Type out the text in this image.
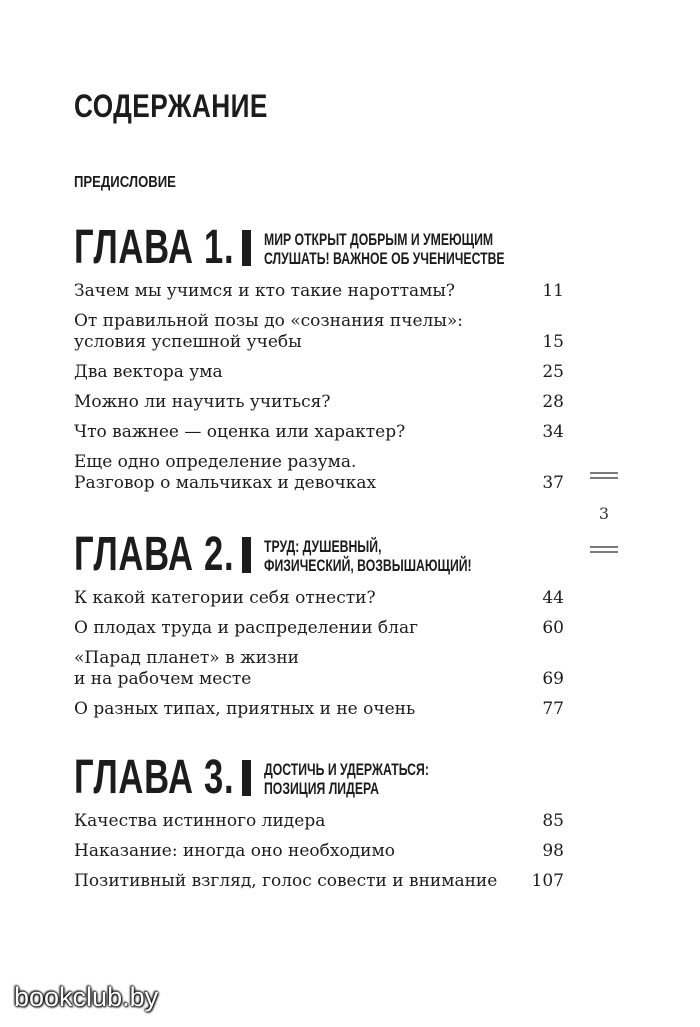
СОДЕРЖАНИЕ
ПРЕДИСЛОВИЕ
ГЛАВА 1. МИР ОТКРЫТ ДОБРЫМ И УМЕЮЩИМ
СЛУШАТЬ! ВАЖНОЕ ОБ УЧЕНИЧЕСТВЕ
Зачем мы учимся и кто такие нароттамы?	11
От правильной позы до «сознания пчелы»:
условия успешной учебы	15
Два вектора ума	25
Можно ли научить учиться?	28
Что важнее — оценка или характер?	34
Еще одно определение разума.
Разговор о мальчиках и девочках	37
ГЛАВА 2. ТРУД: ДУШЕВНЫЙ,
ФИЗИЧЕСКИЙ, ВОЗВЫШАЮЩИЙ!
К какой категории себя отнести?	44
О плодах труда и распределении благ	60
«Парад планет» в жизни
и на рабочем месте	69
О разных типах, приятных и не очень	77
ГЛАВА 3. ДОСТИЧЬ И УДЕРЖАТЬСЯ:
ПОЗИЦИЯ ЛИДЕРА
Качества истинного лидера	85
Наказание: иногда оно необходимо	98
Позитивный взгляд, голос совести и внимание	107
3
bookclub.by
